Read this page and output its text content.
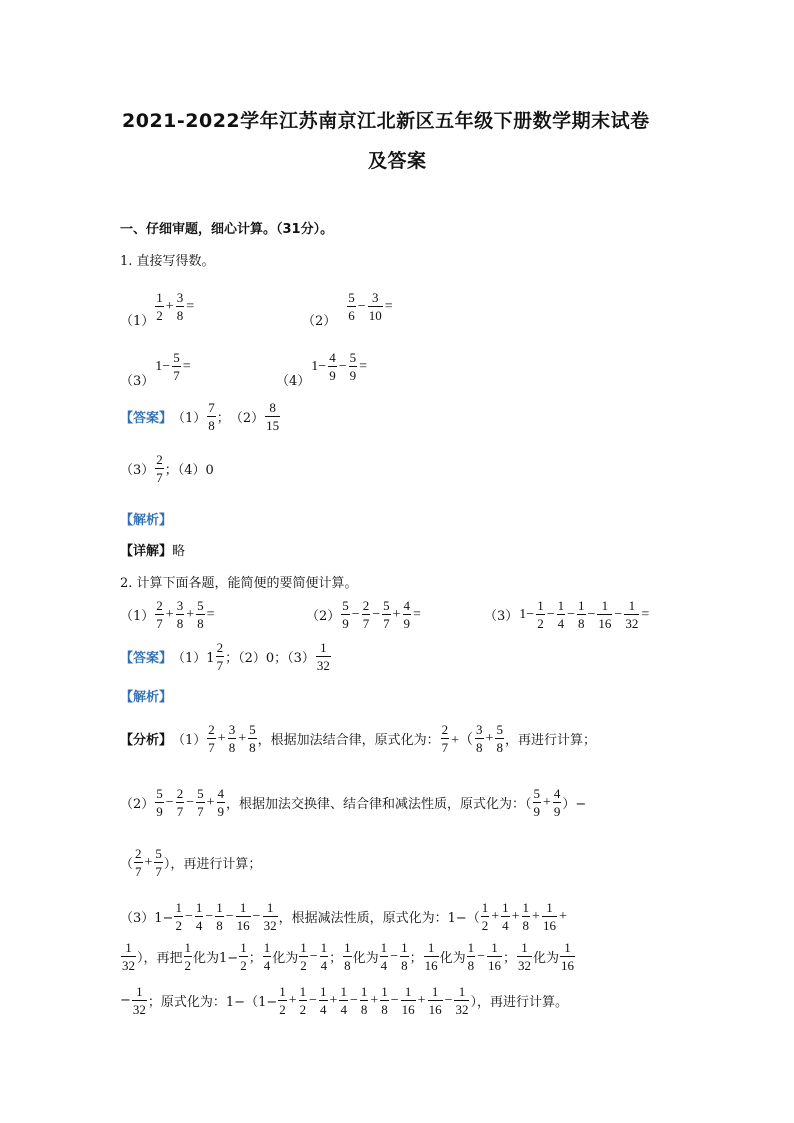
2021-2022学年江苏南京江北新区五年级下册数学期末试卷
及答案
一、仔细审题，细心计算。（31分）。
1. 直接写得数。
$(1) \frac{1}{2} + \frac{3}{8}$ =
$(2) \frac{5}{6} - \frac{3}{10}$ =
（3）
$1- \frac{5}{7}$ =
（4）
$1- \frac{4}{9} - \frac{5}{9}$ =
【答案】 $(1) \frac{7}{8}$ ； $(2) \frac{8}{15}$
$(3) \frac{2}{7}$ ；（4）0
【解析】
【详解】略
2. 计算下面各题，能简便的要简便计算。
$(1) \frac{2}{7} + \frac{3}{8} + \frac{5}{8}$ =	$(2) \frac{5}{9} - \frac{2}{7} - \frac{5}{7} + \frac{4}{9}$ =	（3） $1- \frac{1}{2} - \frac{1}{4} - \frac{1}{8} - \frac{1}{16} - \frac{1}{32}$ =
【答案】 $(1)1 \frac{2}{7}$ ；（2）0；$(3) \frac{1}{32}$
【解析】
【分析】 $(1) \frac{2}{7} + \frac{3}{8} + \frac{5}{8}$ ，根据加法结合律，原式化为： $\frac{2}{7}$ +（ $\frac{3}{8} + \frac{5}{8}$ ，再进行计算；
$(2) \frac{5}{9} - \frac{2}{7} - \frac{5}{7} + \frac{4}{9}$ ，根据加法交换律、结合律和减法性质，原式化为：（ $\frac{5}{9} + \frac{4}{9}$ ）−
（ $\frac{2}{7} + \frac{5}{7}$ ），再进行计算；
$(3)1- \frac{1}{2} - \frac{1}{4} - \frac{1}{8} - \frac{1}{16} - \frac{1}{32}$ ，根据减法性质，原式化为：$1-( \frac{1}{2} + \frac{1}{4} + \frac{1}{8} + \frac{1}{16}$ +
$\frac{1}{32}$ ），再把 $\frac{1}{2}$ 化为$1- \frac{1}{2}$ ； $\frac{1}{4}$ 化为 $\frac{1}{2} - \frac{1}{4}$ ； $\frac{1}{8}$ 化为 $\frac{1}{4} - \frac{1}{8}$ ； $\frac{1}{16}$ 化为 $\frac{1}{8} - \frac{1}{16}$ ； $\frac{1}{32}$ 化为 $\frac{1}{16}$
− $\frac{1}{32}$ ；原式化为：$1-(1- \frac{1}{2} + \frac{1}{2} - \frac{1}{4} + \frac{1}{4} - \frac{1}{8} + \frac{1}{8} - \frac{1}{16} + \frac{1}{16} - \frac{1}{32}$ ），再进行计算。
